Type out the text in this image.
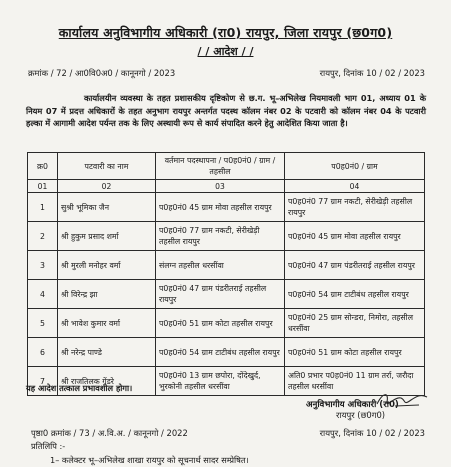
कार्यालय अनुविभागीय अधिकारी (रा0) रायपुर, जिला रायपुर (छ0ग0)
/ / आदेश / /
क्रमांक / 72 / आ0वि0अ0 / कानूनगो / 2023	रायपुर, दिनांक 10 / 02 / 2023
कार्यालयीन व्यवस्था के तहत प्रशासकीय दृष्टिकोण से छ.ग. भू–अभिलेख नियमावली भाग 01, अध्याय 01 के नियम 07 में प्रदत्त अधिकारों के तहत अनुभाग रायपुर अन्तर्गत पदस्थ कॉलम नंबर 02 के पटवारी को कॉलम नंबर 04 के पटवारी हल्का में आगामी आदेश पर्यन्त तक के लिए अस्थायी रूप से कार्य संपादित करने हेतु आदेशित किया जाता है।
क्र0	पटवारी का नाम	वर्तमान पदस्थापना / प0ह0नं0 / ग्राम / तहसील	प0ह0नं0 / ग्राम
01	02	03	04
1	सुश्री भूमिका जैन	प0ह0नं0 45 ग्राम मोवा तहसील रायपुर	प0ह0नं0 77 ग्राम नकटी, सेरीखेड़ी तहसील रायपुर
2	श्री हुकुम प्रसाद शर्मा	प0ह0नं0 77 ग्राम नकटी, सेरीखेड़ी तहसील रायपुर	प0ह0नं0 45 ग्राम मोवा तहसील रायपुर
3	श्री मुरली मनोहर वर्मा	संलग्न तहसील धरसींवा	प0ह0नं0 47 ग्राम पंडरीतराई तहसील रायपुर
4	श्री विरेन्द्र झा	प0ह0नं0 47 ग्राम पंडरीतराई तहसील रायपुर	प0ह0नं0 54 ग्राम टाटीबंध तहसील रायपुर
5	श्री भावेश कुमार वर्मा	प0ह0नं0 51 ग्राम कोटा तहसील रायपुर	प0ह0नं0 25 ग्राम सोन्डरा, निमोरा, तहसील धरसींवा
6	श्री नरेन्द्र पाण्डे	प0ह0नं0 54 ग्राम टाटीबंध तहसील रायपुर	प0ह0नं0 51 ग्राम कोटा तहसील रायपुर
7	श्री राजतिलक गेंडरे	प0ह0नं0 13 ग्राम छपोरा, दोंदेखुर्द, भुरकोनी तहसील धरसींवा	अति0 प्रभार प0ह0नं0 11 ग्राम तर्रा, जरौदा तहसील धरसींवा
यह आदेश तत्काल प्रभावशील होगा।
अनुविभागीय अधिकारी (रा0)
रायपुर (छ0ग0)
पृष्ठा0 क्रमांक / 73 / अ.वि.अ. / कानूनगो / 2022	रायपुर, दिनांक 10 / 02 / 2023
प्रतिलिपि :-
1– कलेक्टर भू–अभिलेख शाखा रायपुर को सूचनार्थ सादर सम्प्रेषित।
